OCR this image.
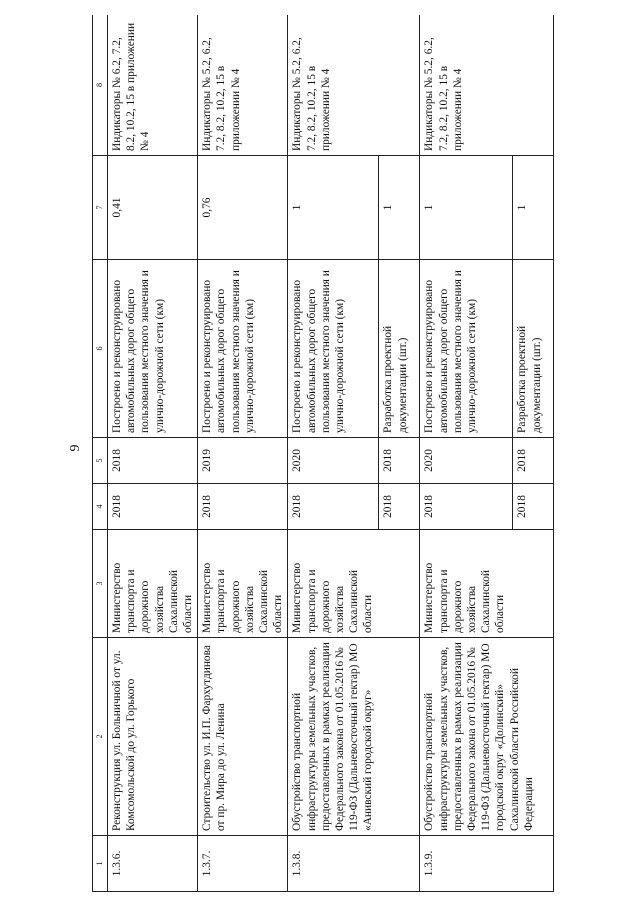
9
1	2	3	4	5	6	7	8
1.3.6.	Реконструкция ул. Больничной от ул. Комсомольской до ул. Горького	Министерство транспорта и дорожного хозяйства Сахалинской области	2018	2018	Построено и реконструировано автомобильных дорог общего пользования местного значения и улично-дорожной сети (км)	0,41	Индикаторы № 6.2, 7.2, 8.2, 10.2, 15 в приложении № 4
1.3.7.	Строительство ул. И.П. Фархутдинова от пр. Мира до ул. Ленина	Министерство транспорта и дорожного хозяйства Сахалинской области	2018	2019	Построено и реконструировано автомобильных дорог общего пользования местного значения и улично-дорожной сети (км)	0,76	Индикаторы № 5.2, 6.2, 7.2, 8.2, 10.2, 15 в приложении № 4
1.3.8.	Обустройство транспортной инфраструктуры земельных участков, предоставленных в рамках реализации Федерального закона от 01.05.2016 № 119-ФЗ (Дальневосточный гектар) МО «Анивский городской округ»	Министерство транспорта и дорожного хозяйства Сахалинской области	2018	2020	Построено и реконструировано автомобильных дорог общего пользования местного значения и улично-дорожной сети (км)	1	Индикаторы № 5.2, 6.2, 7.2, 8.2, 10.2, 15 в приложении № 4
			2018	2018	Разработка проектной документации (шт.)	1	
1.3.9.	Обустройство транспортной инфраструктуры земельных участков, предоставленных в рамках реализации Федерального закона от 01.05.2016 № 119-ФЗ (Дальневосточный гектар) МО городской округ «Долинский» Сахалинской области Российской Федерации	Министерство транспорта и дорожного хозяйства Сахалинской области	2018	2020	Построено и реконструировано автомобильных дорог общего пользования местного значения и улично-дорожной сети (км)	1	Индикаторы № 5.2, 6.2, 7.2, 8.2, 10.2, 15 в приложении № 4
			2018	2018	Разработка проектной документации (шт.)	1	
